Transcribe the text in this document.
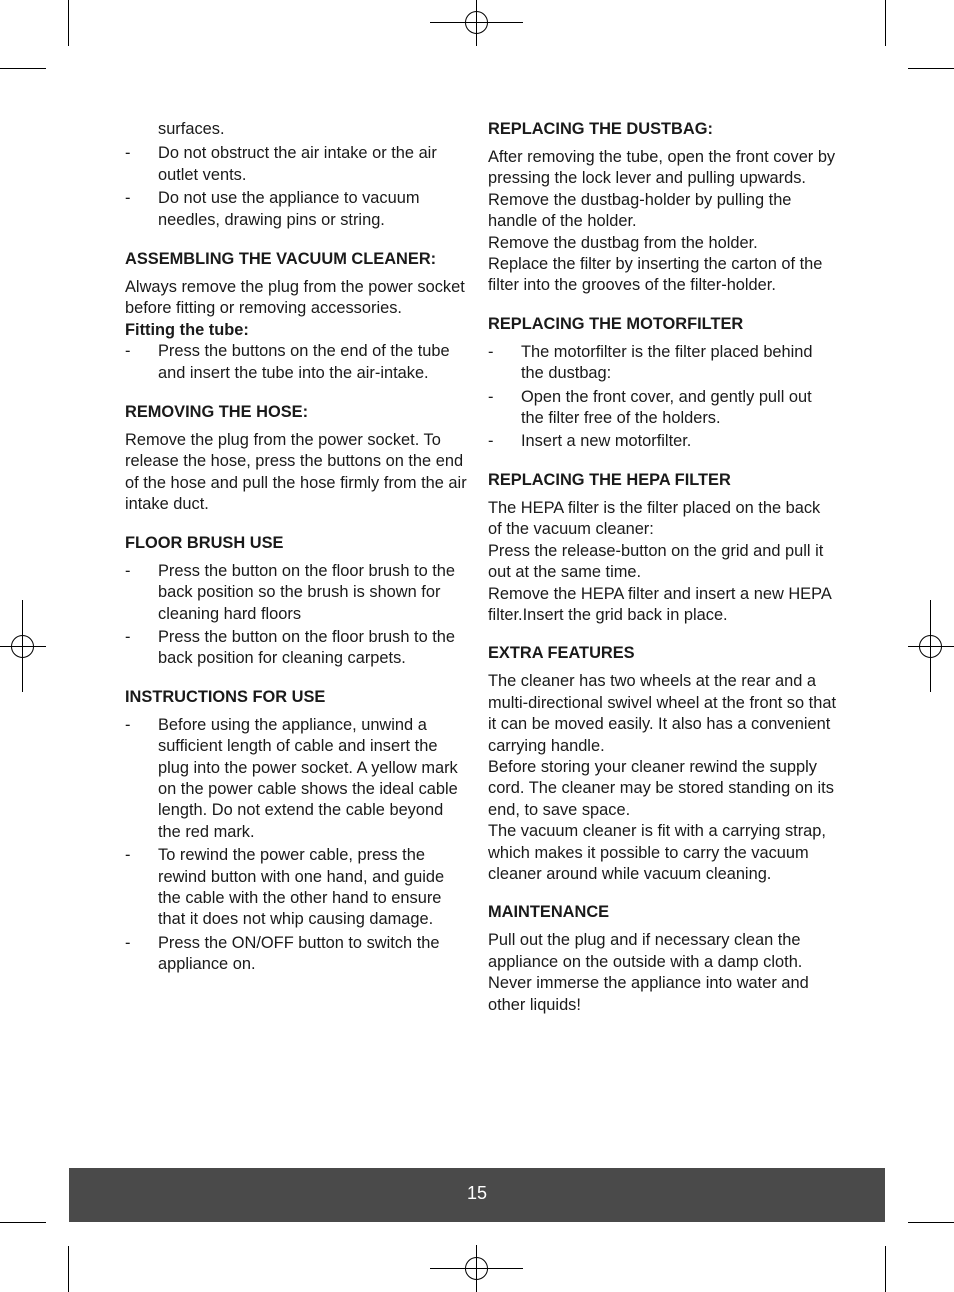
surfaces.

- Do not obstruct the air intake or the air outlet vents.
- Do not use the appliance to vacuum needles, drawing pins or string.
ASSEMBLING THE VACUUM CLEANER:

Always remove the plug from the power socket before fitting or removing accessories.

Fitting the tube:

- Press the buttons on the end of the tube and insert the tube into the air-intake.
REMOVING THE HOSE:

Remove the plug from the power socket. To release the hose, press the buttons on the end of the hose and pull the hose firmly from the air intake duct.

FLOOR BRUSH USE
- Press the button on the floor brush to the back position so the brush is shown for cleaning hard floors
- Press the button on the floor brush to the back position for cleaning carpets.
INSTRUCTIONS FOR USE
- Before using the appliance, unwind a sufficient length of cable and insert the plug into the power socket. A yellow mark on the power cable shows the ideal cable length. Do not extend the cable beyond the red mark.
- To rewind the power cable, press the rewind button with one hand, and guide the cable with the other hand to ensure that it does not whip causing damage.
- Press the ON/OFF button to switch the appliance on.
REPLACING THE DUSTBAG:

After removing the tube, open the front cover by pressing the lock lever and pulling upwards.

Remove the dustbag-holder by pulling the handle of the holder.

Remove the dustbag from the holder.

Replace the filter by inserting the carton of the filter into the grooves of the filter-holder.

REPLACING THE MOTORFILTER
- The motorfilter is the filter placed behind the dustbag:
- Open the front cover, and gently pull out the filter free of the holders.
- Insert a new motorfilter.
REPLACING THE HEPA FILTER

The HEPA filter is the filter placed on the back of the vacuum cleaner:

Press the release-button on the grid and pull it out at the same time.

Remove the HEPA filter and insert a new HEPA filter.Insert the grid back in place.

EXTRA FEATURES

The cleaner has two wheels at the rear and a multi-directional swivel wheel at the front so that it can be moved easily. It also has a convenient carrying handle.

Before storing your cleaner rewind the supply cord. The cleaner may be stored standing on its end, to save space.

The vacuum cleaner is fit with a carrying strap, which makes it possible to carry the vacuum cleaner around while vacuum cleaning.

MAINTENANCE

Pull out the plug and if necessary clean the appliance on the outside with a damp cloth.

Never immerse the appliance into water and other liquids!

15
